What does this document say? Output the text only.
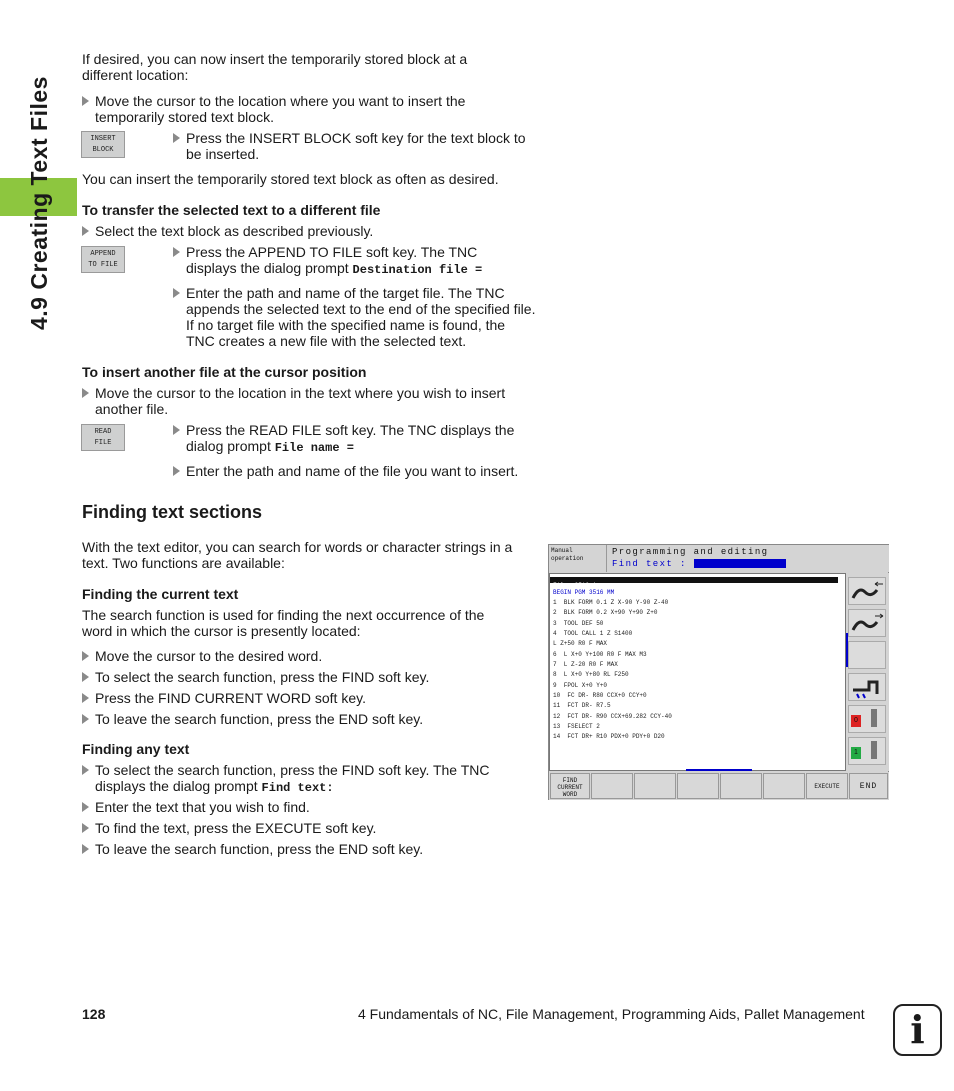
4.9 Creating Text Files
If desired, you can now insert the temporarily stored block at a different location:
Move the cursor to the location where you want to insert the temporarily stored text block.
INSERT
BLOCK
Press the INSERT BLOCK soft key for the text block to be inserted.
You can insert the temporarily stored text block as often as desired.
To transfer the selected text to a different file
Select the text block as described previously.
APPEND
TO FILE
Press the APPEND TO FILE soft key. The TNC displays the dialog prompt Destination file =
Enter the path and name of the target file. The TNC appends the selected text to the end of the specified file. If no target file with the specified name is found, the TNC creates a new file with the selected text.
To insert another file at the cursor position
Move the cursor to the location in the text where you wish to insert another file.
READ
FILE
Press the READ FILE soft key. The TNC displays the dialog prompt File name =
Enter the path and name of the file you want to insert.
Finding text sections
With the text editor, you can search for words or character strings in a text. Two functions are available:
Finding the current text
The search function is used for finding the next occurrence of the word in which the cursor is presently located:
Move the cursor to the desired word.
To select the search function, press the FIND soft key.
Press the FIND CURRENT WORD soft key.
To leave the search function, press the END soft key.
Finding any text
To select the search function, press the FIND soft key. The TNC displays the dialog prompt Find text:
Enter the text that you wish to find.
To find the text, press the EXECUTE soft key.
To leave the search function, press the END soft key.
Manual
operation
Programming and editing
Find text :

File: 3516.A

Line:   0

Column:  1

INSERT

BEGIN PGM 3516 MM
1  BLK FORM 0.1 Z X-90 Y-90 Z-40
2  BLK FORM 0.2 X+90 Y+90 Z+0
3  TOOL DEF 50
4  TOOL CALL 1 Z S1400
L Z+50 R0 F MAX
6  L X+0 Y+100 R0 F MAX M3
7  L Z-20 R0 F MAX
8  L X+0 Y+80 RL F250
9  FPOL X+0 Y+0
10  FC DR- R80 CCX+0 CCY+0
11  FCT DR- R7.5
12  FCT DR- R90 CCX+69.282 CCY-40
13  FSELECT 2
14  FCT DR+ R10 PDX+0 PDY+0 D20
0
1
FIND CURRENT WORD
EXECUTE	END
128	4 Fundamentals of NC, File Management, Programming Aids, Pallet Management	i
